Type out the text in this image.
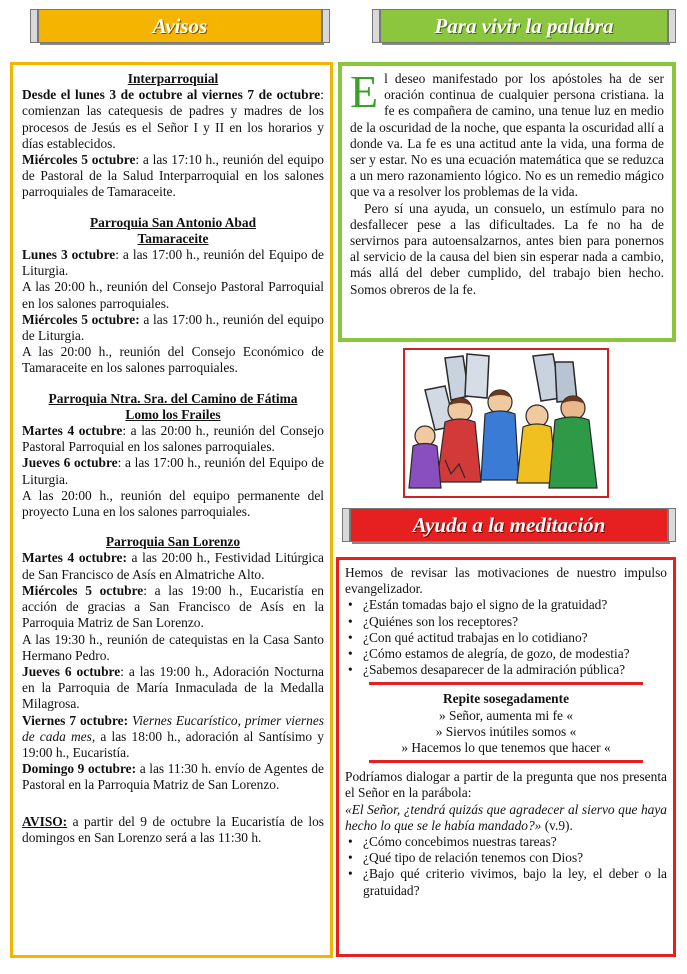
Avisos	Para vivir la palabra
Ayuda a la meditación
Interparroquial

Desde el lunes 3 de octubre al viernes 7 de octubre: comienzan las catequesis de padres y madres de los procesos de Jesús es el Señor I y II en los horarios y días establecidos.

Miércoles 5 octubre: a las 17:10 h., reunión del equipo de Pastoral de la Salud Interparroquial en los salones parroquiales de Tamaraceite.

Parroquia San Antonio Abad
Tamaraceite

Lunes 3 octubre: a las 17:00 h., reunión del Equipo de Liturgia.

A las 20:00 h., reunión del Consejo Pastoral Parroquial en los salones parroquiales.

Miércoles 5 octubre: a las 17:00 h., reunión del equipo de Liturgia.

A las 20:00 h., reunión del Consejo Económico de Tamaraceite en los salones parroquiales.

Parroquia Ntra. Sra. del Camino de Fátima
Lomo los Frailes

Martes 4 octubre: a las 20:00 h., reunión del Consejo Pastoral Parroquial en los salones parroquiales.

Jueves 6 octubre: a las 17:00 h., reunión del Equipo de Liturgia.

A las 20:00 h., reunión del equipo permanente del proyecto Luna en los salones parroquiales.

Parroquia San Lorenzo

Martes 4 octubre: a las 20:00 h., Festividad Litúrgica de San Francisco de Asís en Almatriche Alto.

Miércoles 5 octubre: a las 19:00 h., Eucaristía en acción de gracias a San Francisco de Asís en la Parroquia Matriz de San Lorenzo.

A las 19:30 h., reunión de catequistas en la Casa Santo Hermano Pedro.

Jueves 6 octubre: a las 19:00 h., Adoración Nocturna en la Parroquia de María Inmaculada de la Medalla Milagrosa.

Viernes 7 octubre: Viernes Eucarístico, primer viernes de cada mes, a las 18:00 h., adoración al Santísimo y 19:00 h., Eucaristía.

Domingo 9 octubre: a las 11:30 h. envío de Agentes de Pastoral en la Parroquia Matriz de San Lorenzo.

AVISO: a partir del 9 de octubre la Eucaristía de los domingos en San Lorenzo será a las 11:30 h.

El deseo manifestado por los apóstoles ha de ser oración continua de cualquier persona cristiana. la fe es compañera de camino, una tenue luz en medio de la oscuridad de la noche, que espanta la oscuridad allí a donde va. La fe es una actitud ante la vida, una forma de ser y estar. No es una ecuación matemática que se reduzca a un mero razonamiento lógico. No es un remedio mágico que va a resolver los problemas de la vida.

Pero sí una ayuda, un consuelo, un estímulo para no desfallecer pese a las dificultades. La fe no ha de servirnos para autoensalzarnos, antes bien para ponernos al servicio de la causa del bien sin esperar nada a cambio, más allá del deber cumplido, del trabajo bien hecho. Somos obreros de la fe.

Hemos de revisar las motivaciones de nuestro impulso evangelizador.

• ¿Están tomadas bajo el signo de la gratuidad?
• ¿Quiénes son los receptores?
• ¿Con qué actitud trabajas en lo cotidiano?
• ¿Cómo estamos de alegría, de gozo, de modestia?
• ¿Sabemos desaparecer de la admiración pública?
Repite sosegadamente
» Señor, aumenta mi fe «
» Siervos inútiles somos «
» Hacemos lo que tenemos que hacer «

Podríamos dialogar a partir de la pregunta que nos presenta el Señor en la parábola:

«El Señor, ¿tendrá quizás que agradecer al siervo que haya hecho lo que se le había mandado?» (v.9).

• ¿Cómo concebimos nuestras tareas?
• ¿Qué tipo de relación tenemos con Dios?
• ¿Bajo qué criterio vivimos, bajo la ley, el deber o la gratuidad?
